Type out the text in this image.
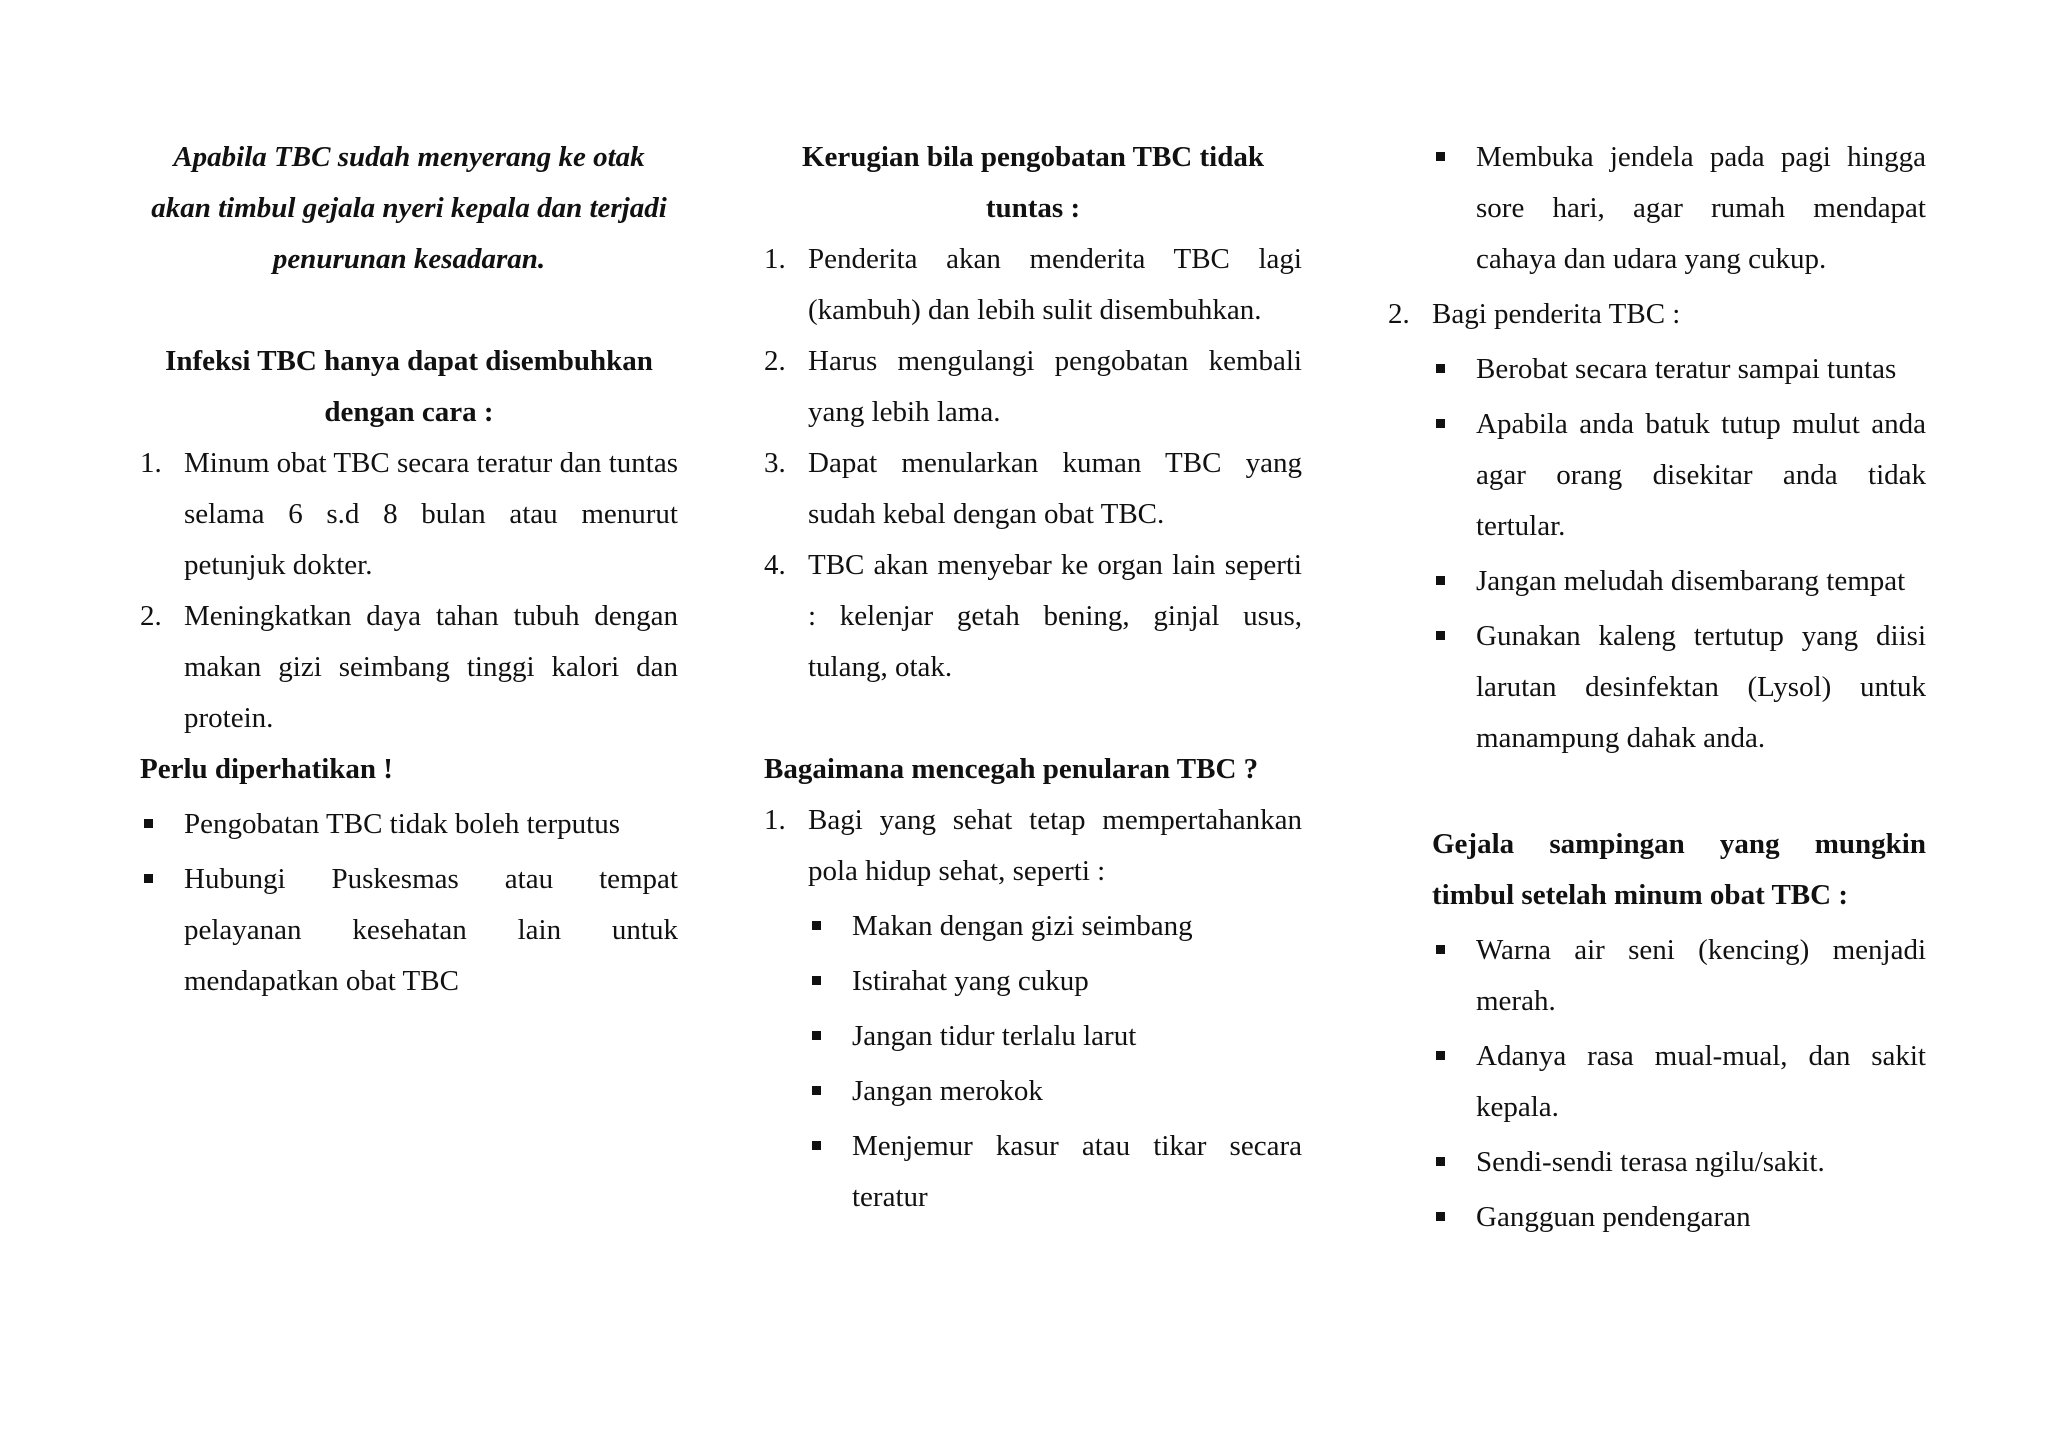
Apabila TBC sudah menyerang ke otak akan timbul gejala nyeri kepala dan terjadi penurunan kesadaran.
Infeksi TBC hanya dapat disembuhkan dengan cara :
1. Minum obat TBC secara teratur dan tuntas selama 6 s.d 8 bulan atau menurut petunjuk dokter.
2. Meningkatkan daya tahan tubuh dengan makan gizi seimbang tinggi kalori dan protein.
Perlu diperhatikan !
Pengobatan TBC tidak boleh terputus
Hubungi Puskesmas atau tempat pelayanan kesehatan lain untuk mendapatkan obat TBC
Kerugian bila pengobatan TBC tidak tuntas :
1. Penderita akan menderita TBC lagi (kambuh) dan lebih sulit disembuhkan.
2. Harus mengulangi pengobatan kembali yang lebih lama.
3. Dapat menularkan kuman TBC yang sudah kebal dengan obat TBC.
4. TBC akan menyebar ke organ lain seperti : kelenjar getah bening, ginjal usus, tulang, otak.
Bagaimana mencegah penularan TBC ?
1. Bagi yang sehat tetap mempertahankan pola hidup sehat, seperti :
Makan dengan gizi seimbang
Istirahat yang cukup
Jangan tidur terlalu larut
Jangan merokok
Menjemur kasur atau tikar secara teratur
Membuka jendela pada pagi hingga sore hari, agar rumah mendapat cahaya dan udara yang cukup.
2. Bagi penderita TBC :
Berobat secara teratur sampai tuntas
Apabila anda batuk tutup mulut anda agar orang disekitar anda tidak tertular.
Jangan meludah disembarang tempat
Gunakan kaleng tertutup yang diisi larutan desinfektan (Lysol) untuk manampung dahak anda.
Gejala sampingan yang mungkin timbul setelah minum obat TBC :
Warna air seni (kencing) menjadi merah.
Adanya rasa mual-mual, dan sakit kepala.
Sendi-sendi terasa ngilu/sakit.
Gangguan pendengaran
